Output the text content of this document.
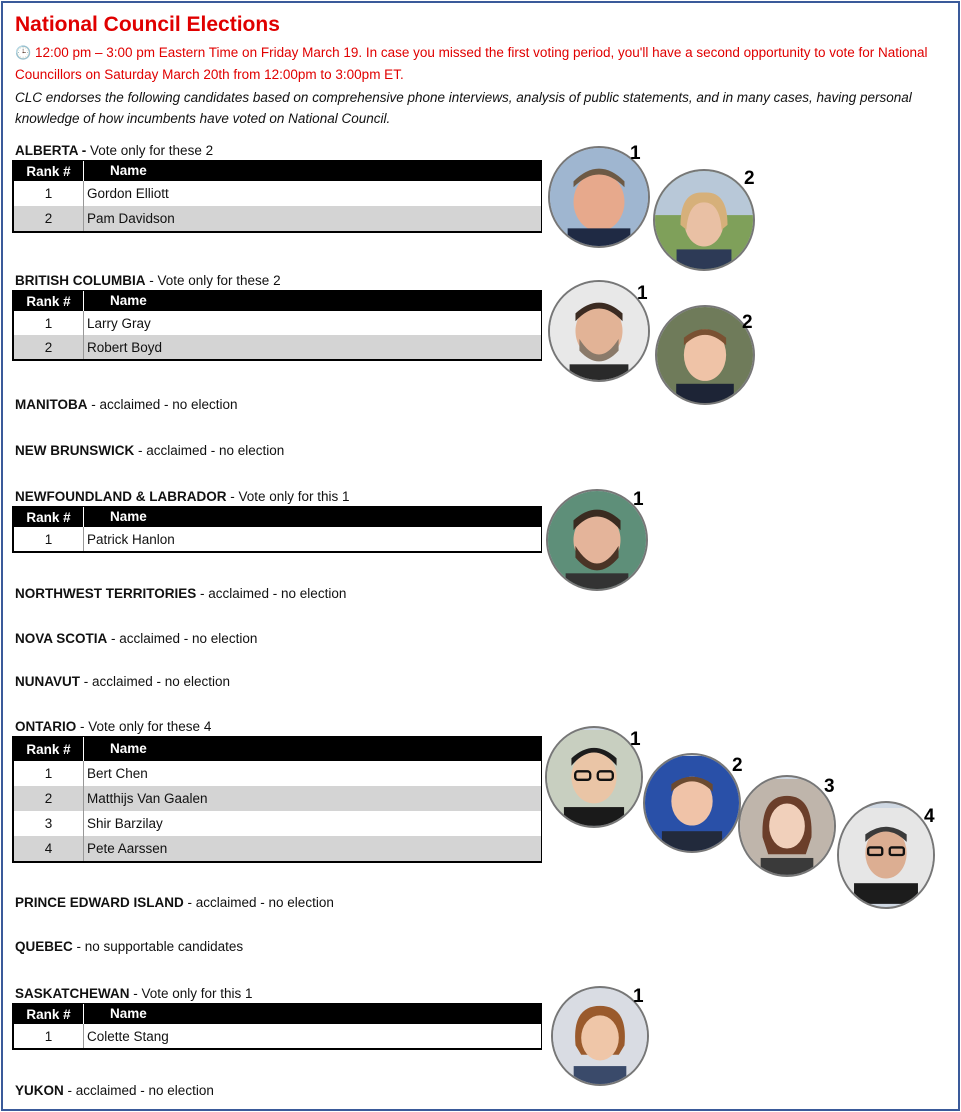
National Council Elections
🕒 12:00 pm – 3:00 pm Eastern Time on Friday March 19. In case you missed the first voting period, you'll have a second opportunity to vote for National Councillors on Saturday March 20th from 12:00pm to 3:00pm ET.
CLC endorses the following candidates based on comprehensive phone interviews, analysis of public statements, and in many cases, having personal knowledge of how incumbents have voted on National Council.
ALBERTA - Vote only for these 2
Rank #	Name
1	Gordon Elliott
2	Pam Davidson
1
2
BRITISH COLUMBIA - Vote only for these 2
Rank #	Name
1	Larry Gray
2	Robert Boyd
1
2
MANITOBA - acclaimed - no election
NEW BRUNSWICK - acclaimed - no election
NEWFOUNDLAND & LABRADOR - Vote only for this 1
Rank #	Name
1	Patrick Hanlon
1
NORTHWEST TERRITORIES - acclaimed - no election
NOVA SCOTIA - acclaimed - no election
NUNAVUT - acclaimed - no election
ONTARIO - Vote only for these 4
Rank #	Name
1	Bert Chen
2	Matthijs Van Gaalen
3	Shir Barzilay
4	Pete Aarssen
1
2
3
4
PRINCE EDWARD ISLAND - acclaimed - no election
QUEBEC - no supportable candidates
SASKATCHEWAN - Vote only for this 1
Rank #	Name
1	Colette Stang
1
YUKON - acclaimed - no election
